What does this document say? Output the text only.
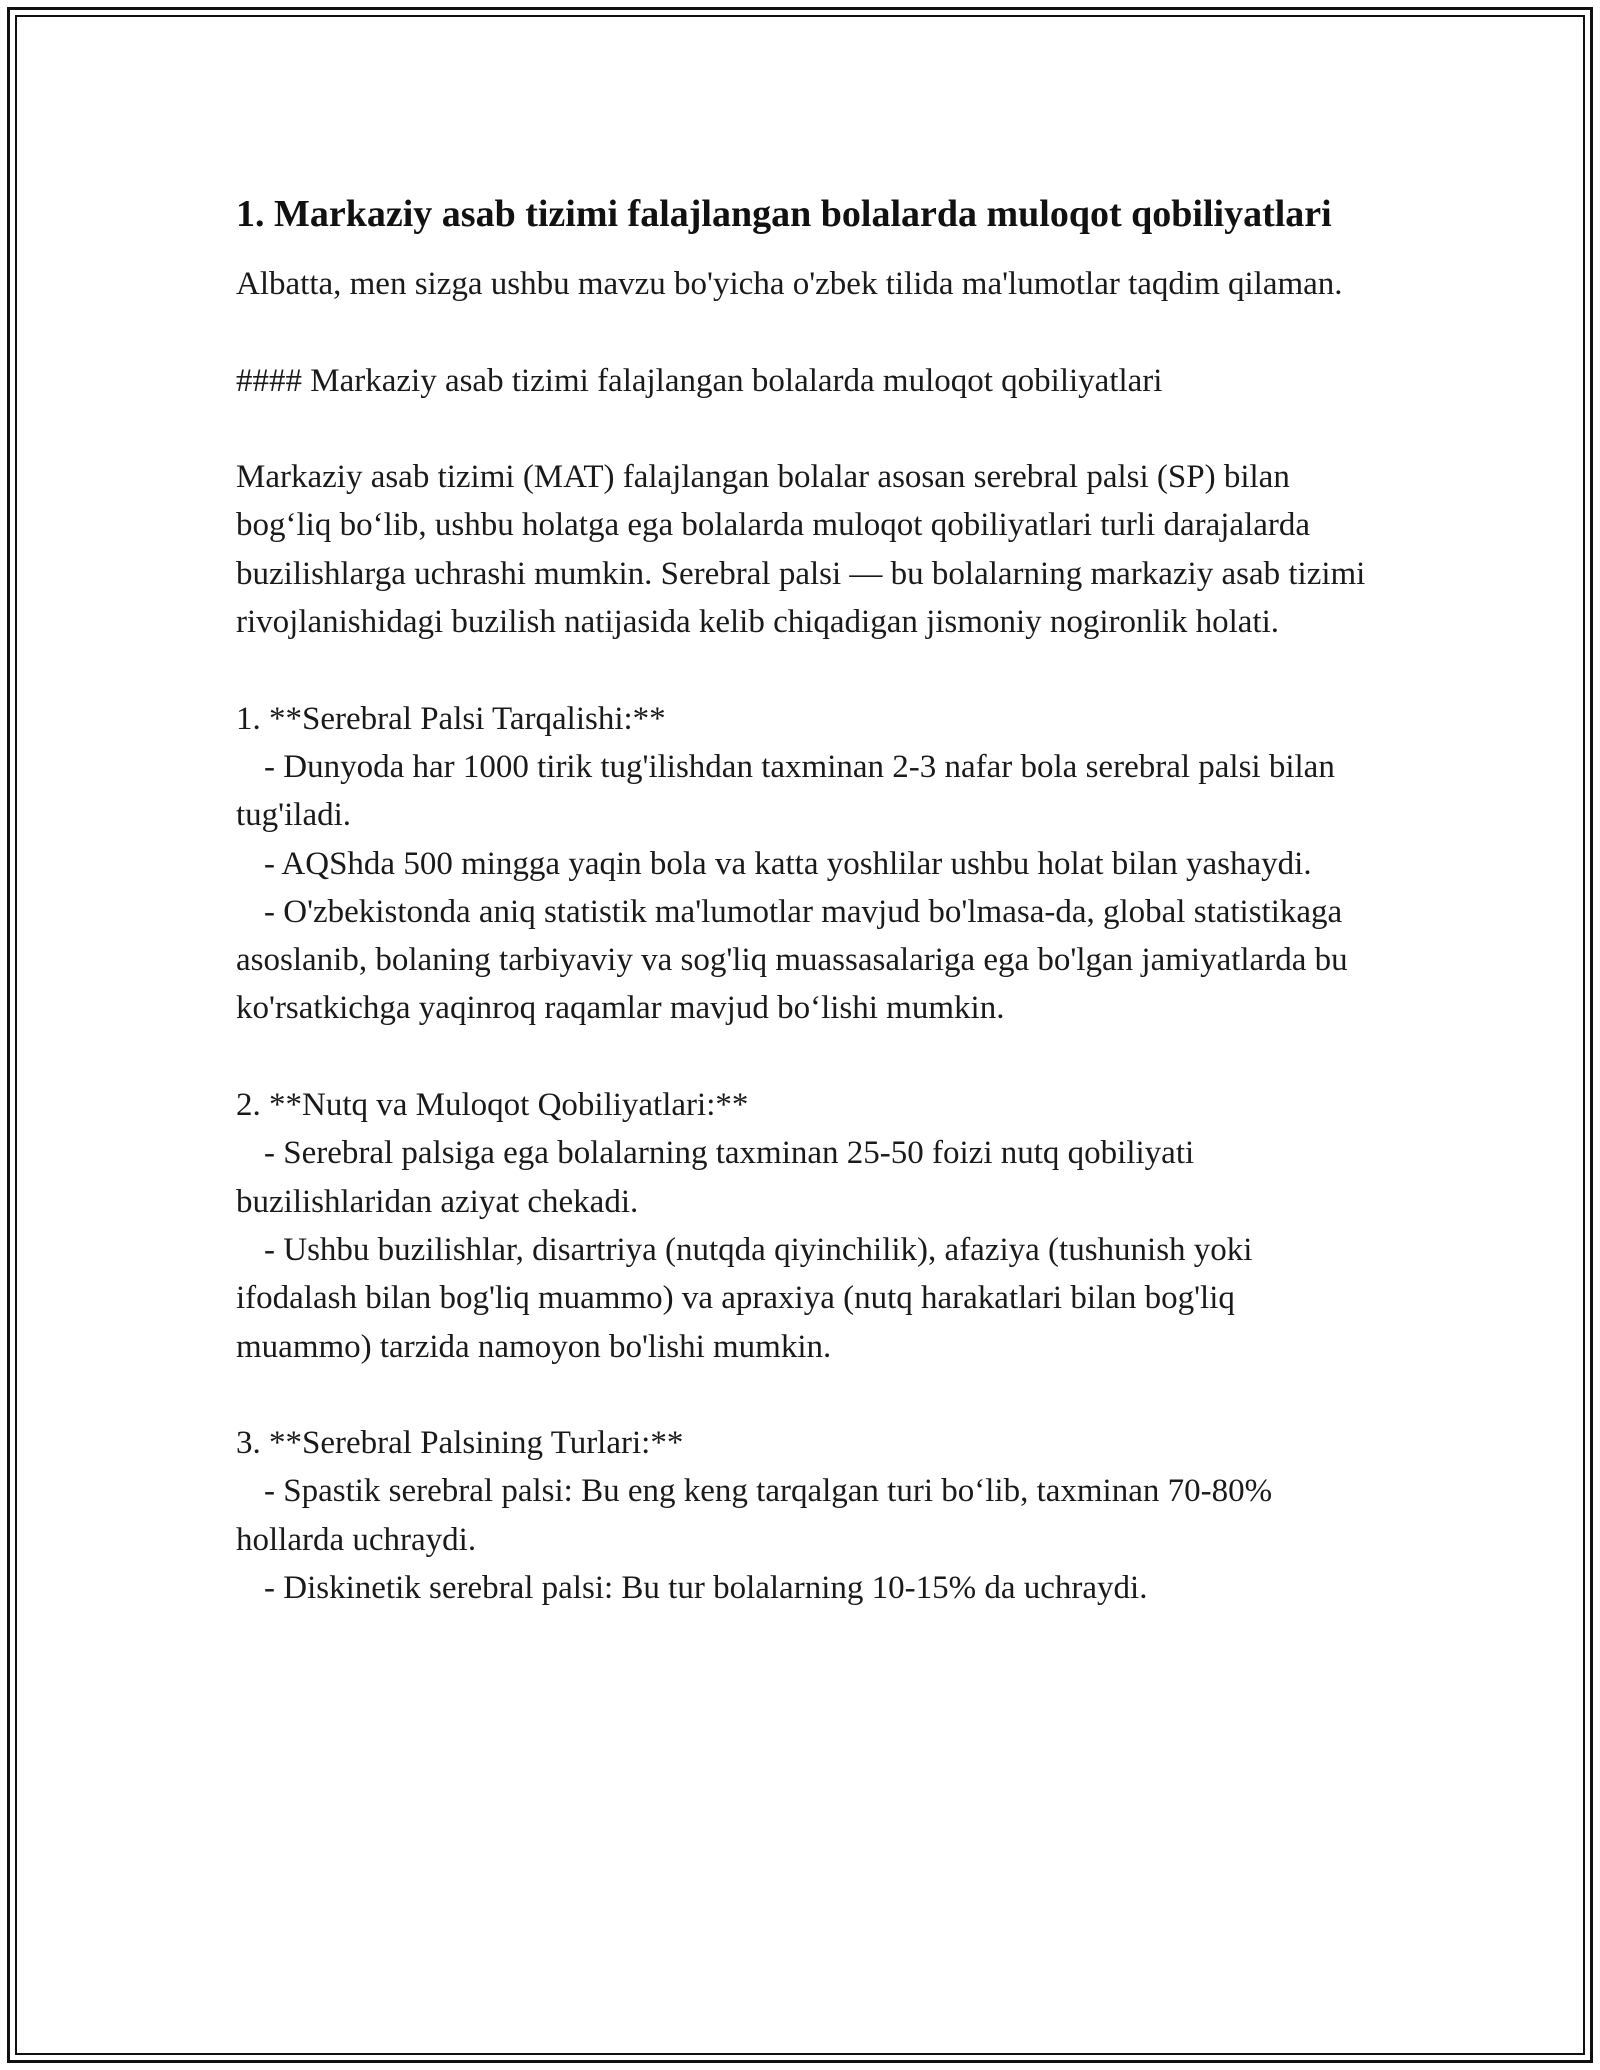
1. Markaziy asab tizimi falajlangan bolalarda muloqot qobiliyatlari

Albatta, men sizga ushbu mavzu bo'yicha o'zbek tilida ma'lumotlar taqdim qilaman.

#### Markaziy asab tizimi falajlangan bolalarda muloqot qobiliyatlari

Markaziy asab tizimi (MAT) falajlangan bolalar asosan serebral palsi (SP) bilan bog‘liq bo‘lib, ushbu holatga ega bolalarda muloqot qobiliyatlari turli darajalarda buzilishlarga uchrashi mumkin. Serebral palsi — bu bolalarning markaziy asab tizimi rivojlanishidagi buzilish natijasida kelib chiqadigan jismoniy nogironlik holati.

1. **Serebral Palsi Tarqalishi:**
- Dunyoda har 1000 tirik tug'ilishdan taxminan 2-3 nafar bola serebral palsi bilan tug'iladi.
- AQShda 500 mingga yaqin bola va katta yoshlilar ushbu holat bilan yashaydi.
- O'zbekistonda aniq statistik ma'lumotlar mavjud bo'lmasa-da, global statistikaga asoslanib, bolaning tarbiyaviy va sog'liq muassasalariga ega bo'lgan jamiyatlarda bu ko'rsatkichga yaqinroq raqamlar mavjud bo‘lishi mumkin.
2. **Nutq va Muloqot Qobiliyatlari:**
- Serebral palsiga ega bolalarning taxminan 25-50 foizi nutq qobiliyati buzilishlaridan aziyat chekadi.
- Ushbu buzilishlar, disartriya (nutqda qiyinchilik), afaziya (tushunish yoki ifodalash bilan bog'liq muammo) va apraxiya (nutq harakatlari bilan bog'liq muammo) tarzida namoyon bo'lishi mumkin.
3. **Serebral Palsining Turlari:**
- Spastik serebral palsi: Bu eng keng tarqalgan turi bo‘lib, taxminan 70-80% hollarda uchraydi.
- Diskinetik serebral palsi: Bu tur bolalarning 10-15% da uchraydi.
